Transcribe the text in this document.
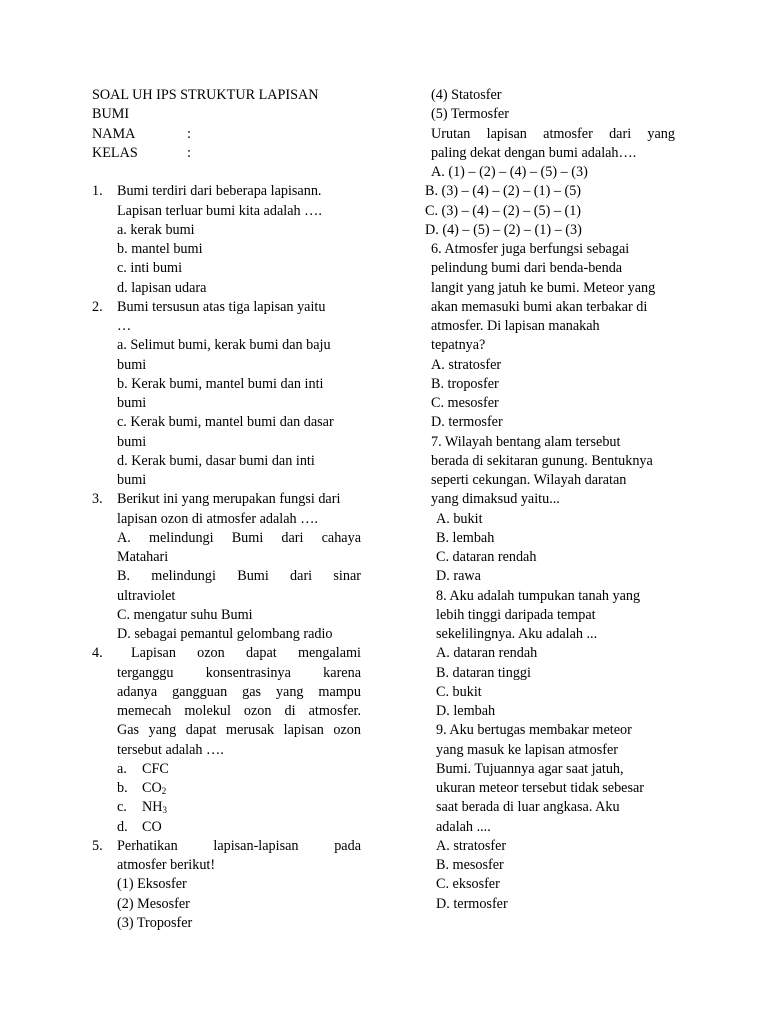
SOAL UH IPS STRUKTUR LAPISAN
BUMI
NAMA	:
KELAS	:
1. Bumi terdiri dari beberapa lapisann.
Lapisan terluar bumi kita adalah ….
a. kerak bumi
b. mantel bumi
c. inti bumi
d. lapisan udara
2. Bumi tersusun atas tiga lapisan yaitu
…
a. Selimut bumi, kerak bumi dan baju
bumi
b. Kerak bumi, mantel bumi dan inti
bumi
c. Kerak bumi, mantel bumi dan dasar
bumi
d. Kerak bumi, dasar bumi dan inti
bumi
3. Berikut ini yang merupakan fungsi dari
lapisan ozon di atmosfer adalah ….
A. melindungi Bumi dari cahaya
Matahari
B. melindungi Bumi dari sinar
ultraviolet
C. mengatur suhu Bumi
D. sebagai pemantul gelombang radio
4.	Lapisan ozon dapat mengalami
terganggu konsentrasinya karena
adanya gangguan gas yang mampu
memecah molekul ozon di atmosfer.
Gas yang dapat merusak lapisan ozon
tersebut adalah ….
a. CFC
b. $CO_2$
c. $NH_3$
d. CO
5.	Perhatikan lapisan-lapisan pada
atmosfer berikut!
(1) Eksosfer
(2) Mesosfer
(3) Troposfer
(4) Statosfer
(5) Termosfer
Urutan lapisan atmosfer dari yang
paling dekat dengan bumi adalah….
A. (1) – (2) – (4) – (5) – (3)
B. (3) – (4) – (2) – (1) – (5)
C. (3) – (4) – (2) – (5) – (1)
D. (4) – (5) – (2) – (1) – (3)
6. Atmosfer juga berfungsi sebagai
pelindung bumi dari benda-benda
langit yang jatuh ke bumi. Meteor yang
akan memasuki bumi akan terbakar di
atmosfer. Di lapisan manakah
tepatnya?
A. stratosfer
B. troposfer
C. mesosfer
D. termosfer
7. Wilayah bentang alam tersebut
berada di sekitaran gunung. Bentuknya
seperti cekungan. Wilayah daratan
yang dimaksud yaitu...
A. bukit
B. lembah
C. dataran rendah
D. rawa
8. Aku adalah tumpukan tanah yang
lebih tinggi daripada tempat
sekelilingnya. Aku adalah ...
A. dataran rendah
B. dataran tinggi
C. bukit
D. lembah
9. Aku bertugas membakar meteor
yang masuk ke lapisan atmosfer
Bumi. Tujuannya agar saat jatuh,
ukuran meteor tersebut tidak sebesar
saat berada di luar angkasa. Aku
adalah ....
A. stratosfer
B. mesosfer
C. eksosfer
D. termosfer
